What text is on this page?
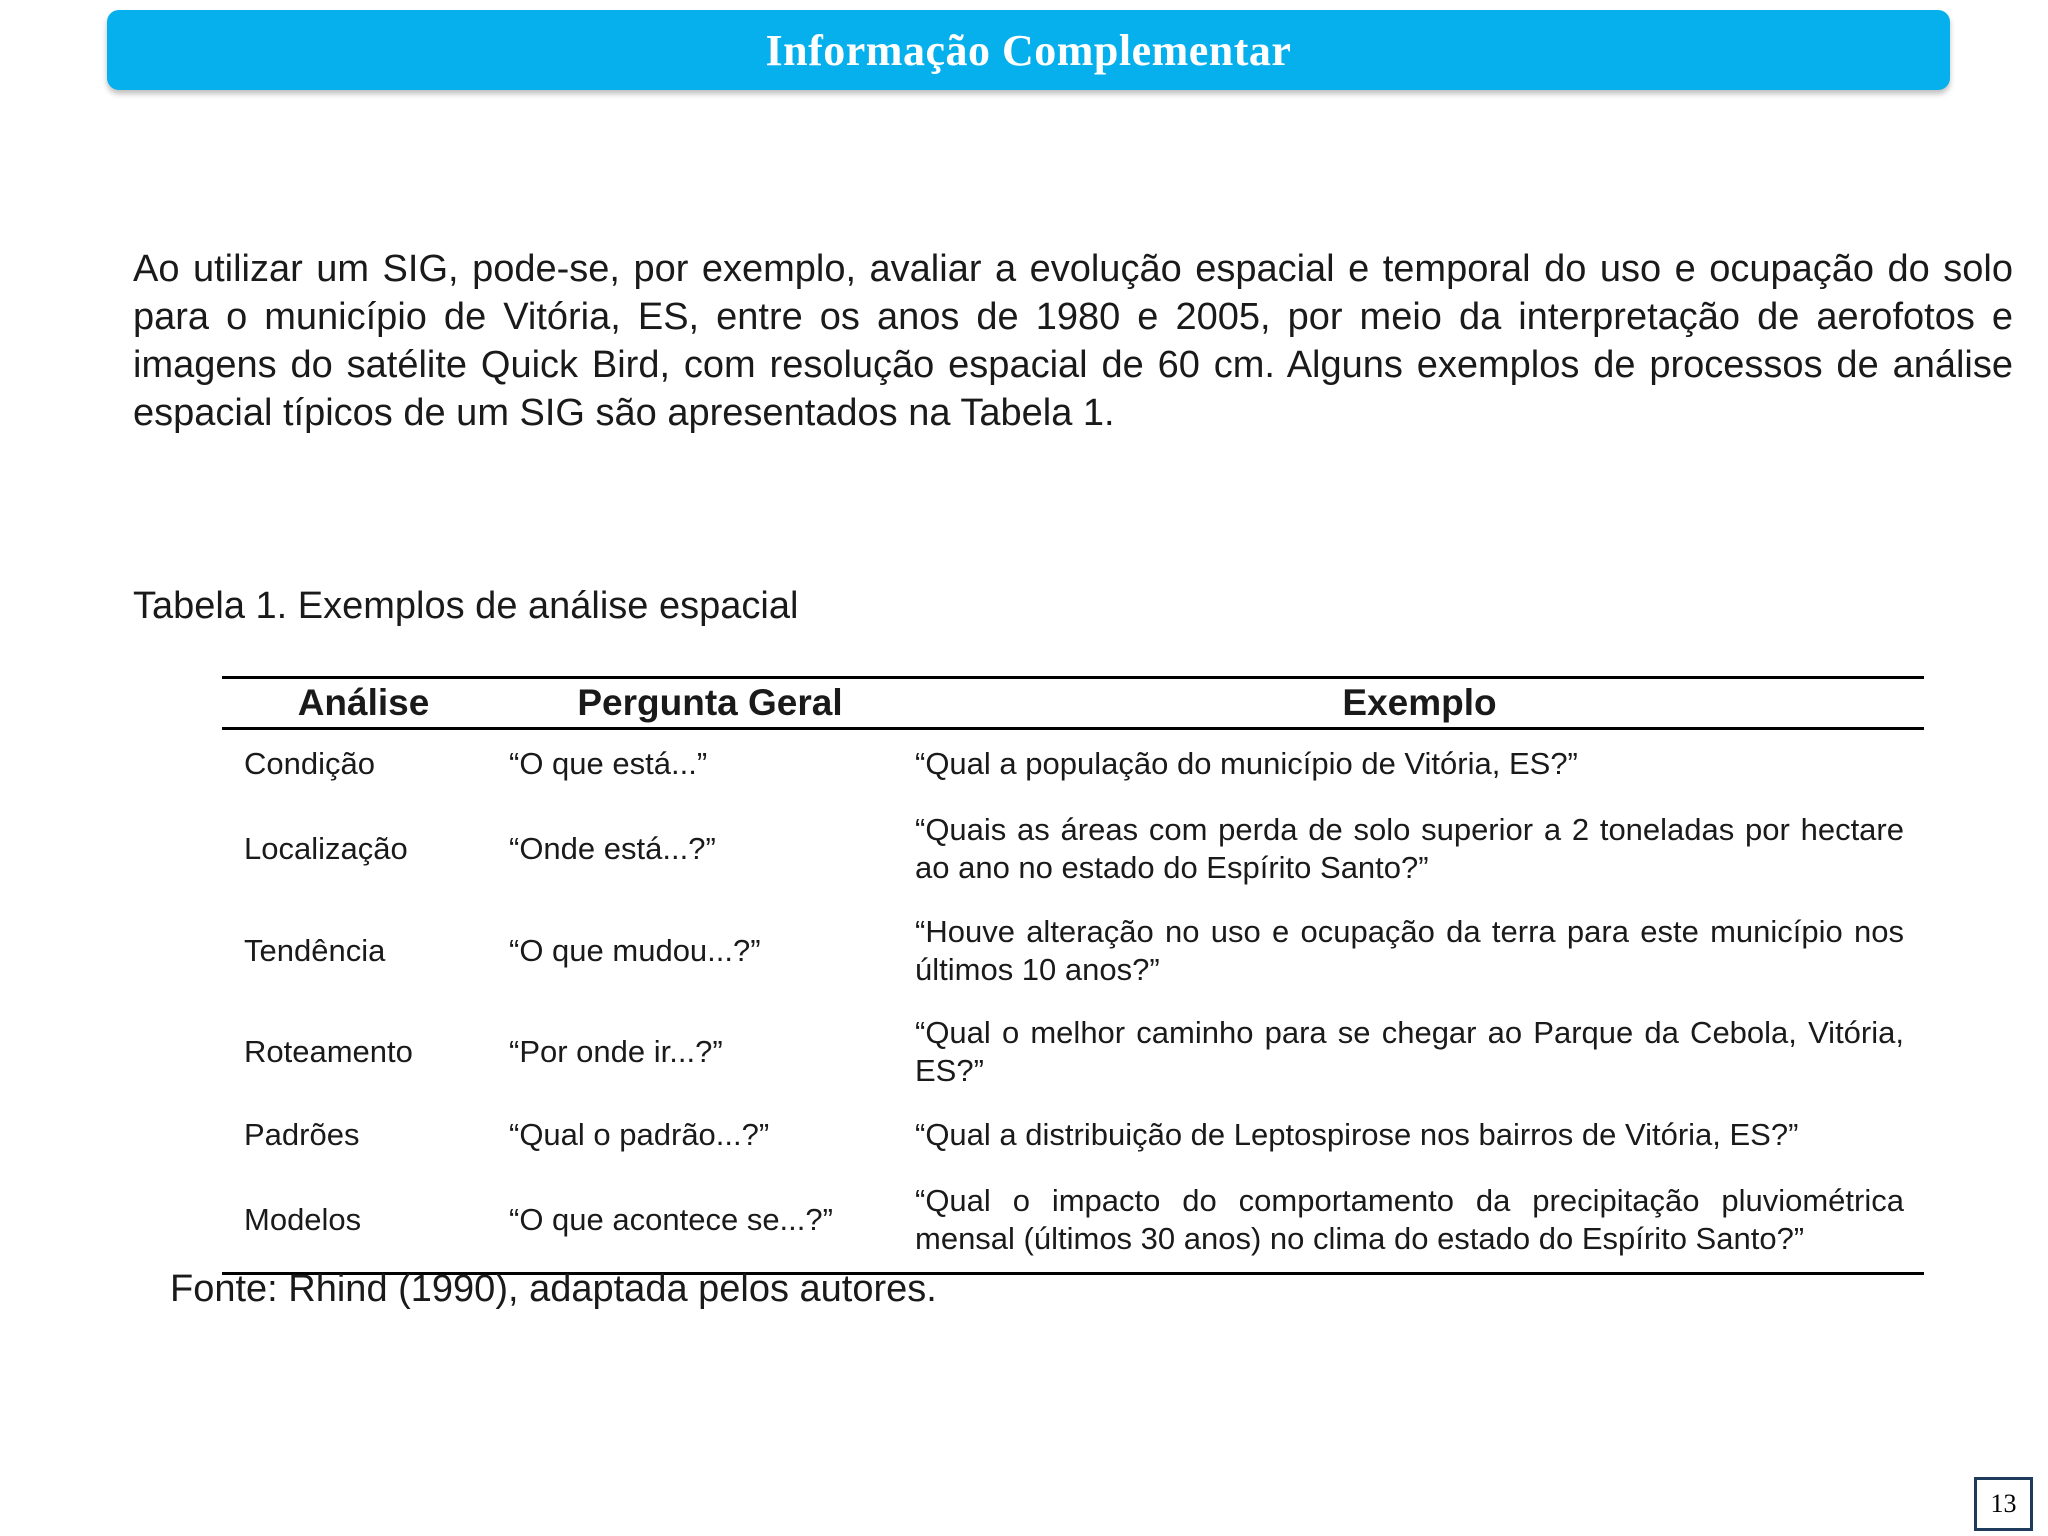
Informação Complementar

Ao utilizar um SIG, pode-se, por exemplo, avaliar a evolução espacial e temporal do uso e ocupação do solo para o município de Vitória, ES, entre os anos de 1980 e 2005, por meio da interpretação de aerofotos e imagens do satélite Quick Bird, com resolução espacial de 60 cm. Alguns exemplos de processos de análise espacial típicos de um SIG são apresentados na Tabela 1.

Tabela 1. Exemplos de análise espacial

Análise	Pergunta Geral	Exemplo
Condição	“O que está...”	“Qual a população do município de Vitória, ES?”
Localização	“Onde está...?”	“Quais as áreas com perda de solo superior a 2 toneladas por hectare ao ano no estado do Espírito Santo?”
Tendência	“O que mudou...?”	“Houve alteração no uso e ocupação da terra para este município nos últimos 10 anos?”
Roteamento	“Por onde ir...?”	“Qual o melhor caminho para se chegar ao Parque da Cebola, Vitória, ES?”
Padrões	“Qual o padrão...?”	“Qual a distribuição de Leptospirose nos bairros de Vitória, ES?”
Modelos	“O que acontece se...?”	“Qual o impacto do comportamento da precipitação pluviométrica mensal (últimos 30 anos) no clima do estado do Espírito Santo?”

Fonte: Rhind (1990), adaptada pelos autores.

13
